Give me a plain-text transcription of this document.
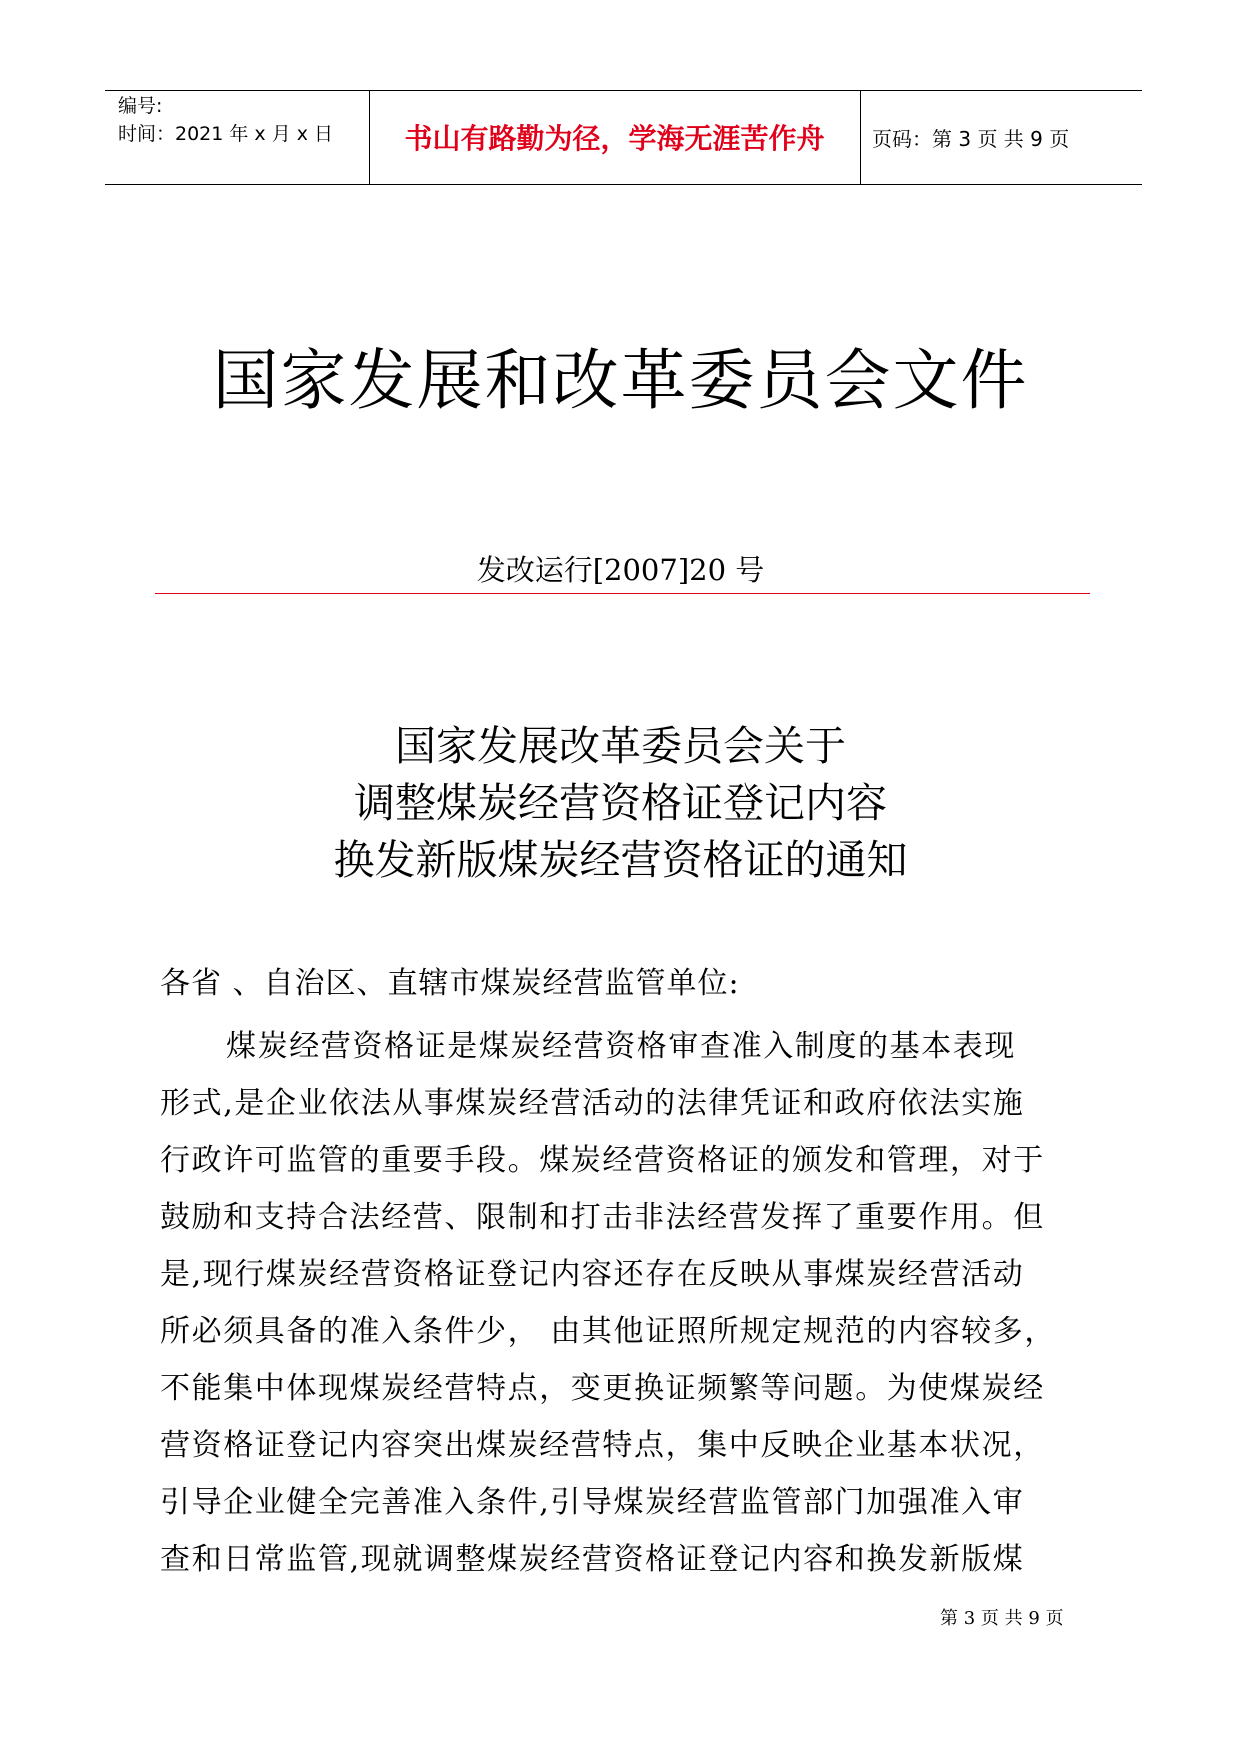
编号:
时间：2021 年 x 月 x 日	书山有路勤为径，学海无涯苦作舟	页码：第 3 页 共 9 页
国家发展和改革委员会文件
发改运行[2007]20 号
国家发展改革委员会关于
调整煤炭经营资格证登记内容
换发新版煤炭经营资格证的通知
各省 、自治区、直辖市煤炭经营监管单位:
煤炭经营资格证是煤炭经营资格审查准入制度的基本表现
形式,是企业依法从事煤炭经营活动的法律凭证和政府依法实施
行政许可监管的重要手段。煤炭经营资格证的颁发和管理，对于
鼓励和支持合法经营、限制和打击非法经营发挥了重要作用。但
是,现行煤炭经营资格证登记内容还存在反映从事煤炭经营活动
所必须具备的准入条件少， 由其他证照所规定规范的内容较多，
不能集中体现煤炭经营特点，变更换证频繁等问题。为使煤炭经
营资格证登记内容突出煤炭经营特点，集中反映企业基本状况，
引导企业健全完善准入条件,引导煤炭经营监管部门加强准入审
查和日常监管,现就调整煤炭经营资格证登记内容和换发新版煤
第 3 页 共 9 页
